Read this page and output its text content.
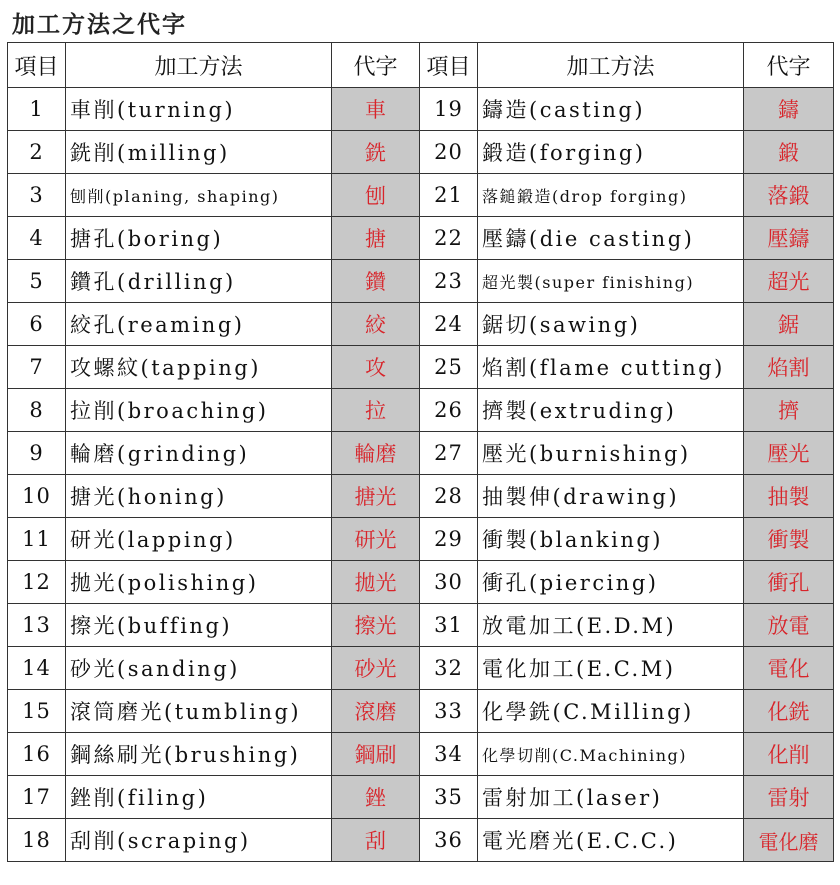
加工方法之代字
項目	加工方法	代字	項目	加工方法	代字
1	車削(turning)	車	19	鑄造(casting)	鑄
2	銑削(milling)	銑	20	鍛造(forging)	鍛
3	刨削(planing, shaping)	刨	21	落鎚鍛造(drop forging)	落鍛
4	搪孔(boring)	搪	22	壓鑄(die casting)	壓鑄
5	鑽孔(drilling)	鑽	23	超光製(super finishing)	超光
6	絞孔(reaming)	絞	24	鋸切(sawing)	鋸
7	攻螺紋(tapping)	攻	25	焰割(flame cutting)	焰割
8	拉削(broaching)	拉	26	擠製(extruding)	擠
9	輪磨(grinding)	輪磨	27	壓光(burnishing)	壓光
10	搪光(honing)	搪光	28	抽製伸(drawing)	抽製
11	研光(lapping)	研光	29	衝製(blanking)	衝製
12	拋光(polishing)	拋光	30	衝孔(piercing)	衝孔
13	擦光(buffing)	擦光	31	放電加工(E.D.M)	放電
14	砂光(sanding)	砂光	32	電化加工(E.C.M)	電化
15	滾筒磨光(tumbling)	滾磨	33	化學銑(C.Milling)	化銑
16	鋼絲刷光(brushing)	鋼刷	34	化學切削(C.Machining)	化削
17	銼削(filing)	銼	35	雷射加工(laser)	雷射
18	刮削(scraping)	刮	36	電光磨光(E.C.C.)	電化磨
